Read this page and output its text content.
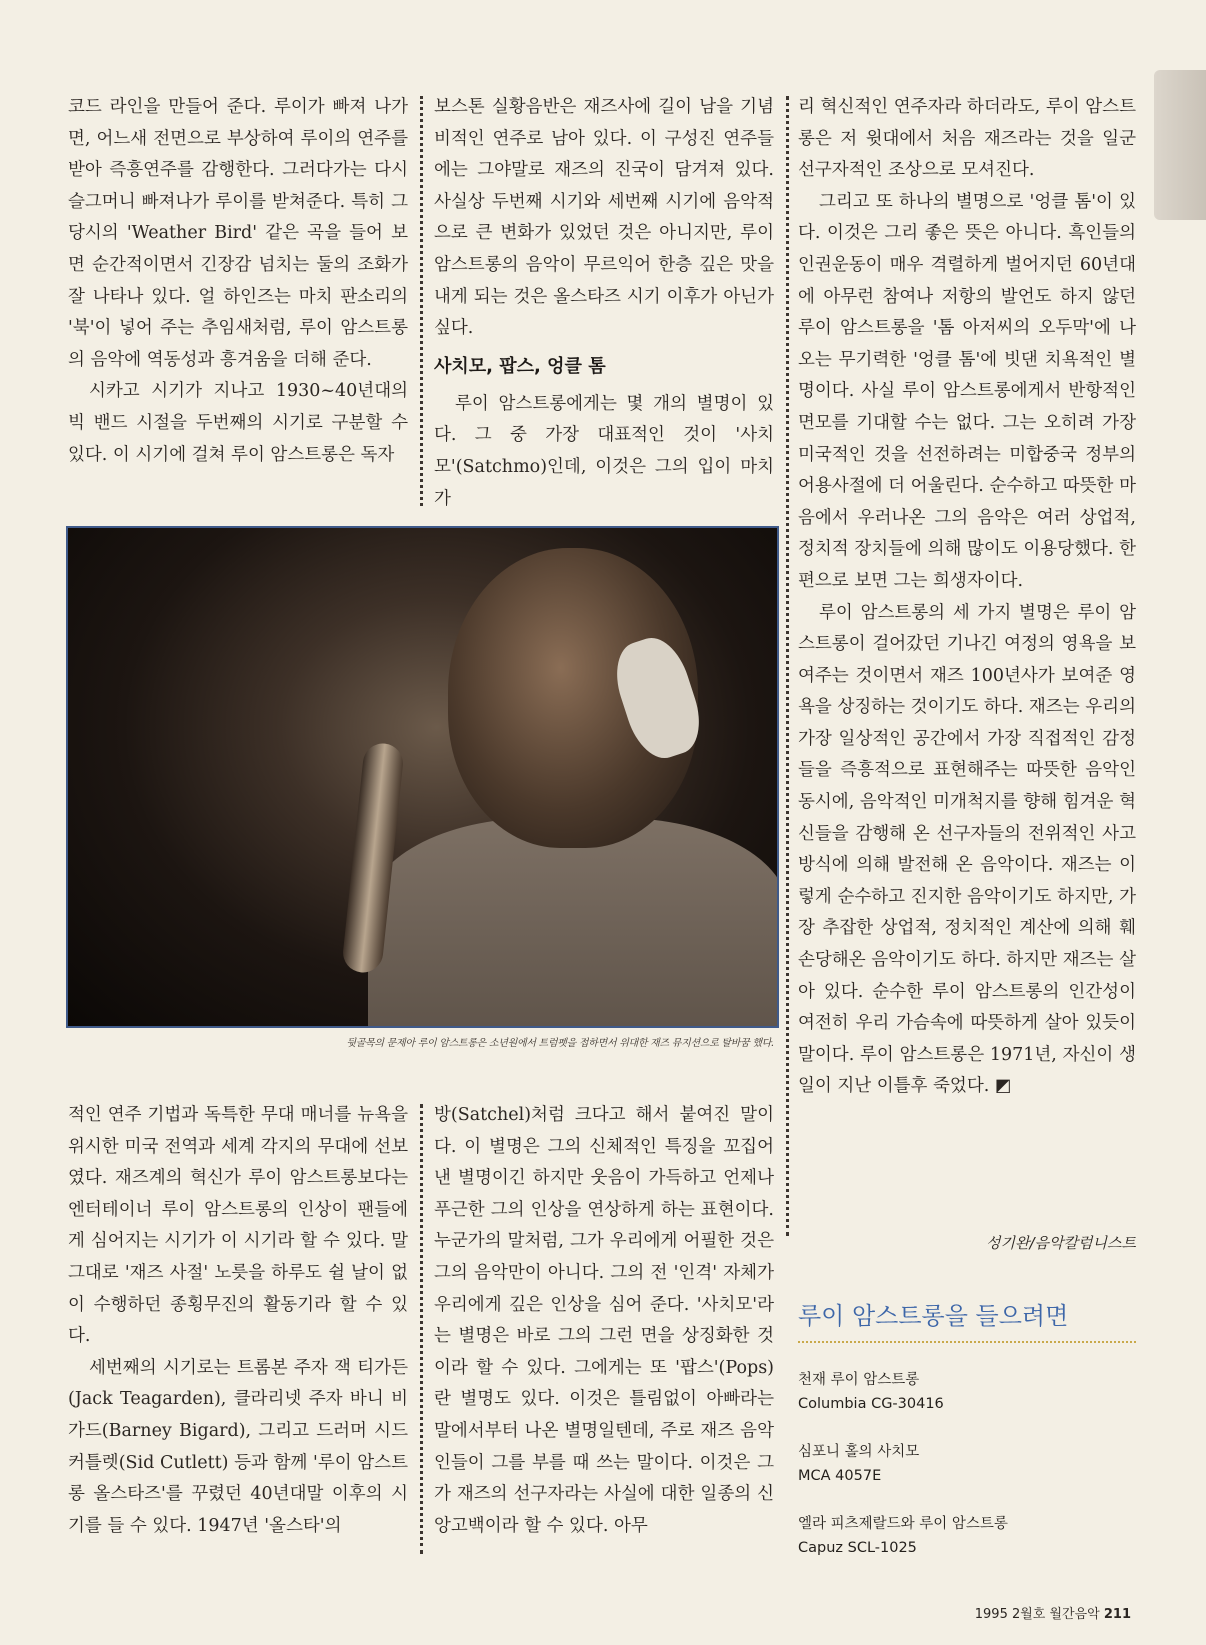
코드 라인을 만들어 준다. 루이가 빠져 나가면, 어느새 전면으로 부상하여 루이의 연주를 받아 즉흥연주를 감행한다. 그러다가는 다시 슬그머니 빠져나가 루이를 받쳐준다. 특히 그 당시의 'Weather Bird' 같은 곡을 들어 보면 순간적이면서 긴장감 넘치는 둘의 조화가 잘 나타나 있다. 얼 하인즈는 마치 판소리의 '북'이 넣어 주는 추임새처럼, 루이 암스트롱의 음악에 역동성과 흥겨움을 더해 준다.

시카고 시기가 지나고 1930~40년대의 빅 밴드 시절을 두번째의 시기로 구분할 수 있다. 이 시기에 걸쳐 루이 암스트롱은 독자

보스톤 실황음반은 재즈사에 길이 남을 기념비적인 연주로 남아 있다. 이 구성진 연주들에는 그야말로 재즈의 진국이 담겨져 있다. 사실상 두번째 시기와 세번째 시기에 음악적으로 큰 변화가 있었던 것은 아니지만, 루이 암스트롱의 음악이 무르익어 한층 깊은 맛을 내게 되는 것은 올스타즈 시기 이후가 아닌가 싶다.

사치모, 팝스, 엉클 톰

루이 암스트롱에게는 몇 개의 별명이 있다. 그 중 가장 대표적인 것이 '사치모'(Satchmo)인데, 이것은 그의 입이 마치 가

리 혁신적인 연주자라 하더라도, 루이 암스트롱은 저 윗대에서 처음 재즈라는 것을 일군 선구자적인 조상으로 모셔진다.

그리고 또 하나의 별명으로 '엉클 톰'이 있다. 이것은 그리 좋은 뜻은 아니다. 흑인들의 인권운동이 매우 격렬하게 벌어지던 60년대에 아무런 참여나 저항의 발언도 하지 않던 루이 암스트롱을 '톰 아저씨의 오두막'에 나오는 무기력한 '엉클 톰'에 빗댄 치욕적인 별명이다. 사실 루이 암스트롱에게서 반항적인 면모를 기대할 수는 없다. 그는 오히려 가장 미국적인 것을 선전하려는 미합중국 정부의 어용사절에 더 어울린다. 순수하고 따뜻한 마음에서 우러나온 그의 음악은 여러 상업적, 정치적 장치들에 의해 많이도 이용당했다. 한 편으로 보면 그는 희생자이다.

루이 암스트롱의 세 가지 별명은 루이 암스트롱이 걸어갔던 기나긴 여정의 영욕을 보여주는 것이면서 재즈 100년사가 보여준 영욕을 상징하는 것이기도 하다. 재즈는 우리의 가장 일상적인 공간에서 가장 직접적인 감정들을 즉흥적으로 표현해주는 따뜻한 음악인 동시에, 음악적인 미개척지를 향해 힘겨운 혁신들을 감행해 온 선구자들의 전위적인 사고방식에 의해 발전해 온 음악이다. 재즈는 이렇게 순수하고 진지한 음악이기도 하지만, 가장 추잡한 상업적, 정치적인 계산에 의해 훼손당해온 음악이기도 하다. 하지만 재즈는 살아 있다. 순수한 루이 암스트롱의 인간성이 여전히 우리 가슴속에 따뜻하게 살아 있듯이 말이다. 루이 암스트롱은 1971년, 자신이 생일이 지난 이틀후 죽었다. ◩

뒷골목의 문제아 루이 암스트롱은 소년원에서 트럼펫을 접하면서 위대한 재즈 뮤지션으로 탈바꿈 했다.

적인 연주 기법과 독특한 무대 매너를 뉴욕을 위시한 미국 전역과 세계 각지의 무대에 선보였다. 재즈계의 혁신가 루이 암스트롱보다는 엔터테이너 루이 암스트롱의 인상이 팬들에게 심어지는 시기가 이 시기라 할 수 있다. 말 그대로 '재즈 사절' 노릇을 하루도 쉴 날이 없이 수행하던 종횡무진의 활동기라 할 수 있다.

세번째의 시기로는 트롬본 주자 잭 티가든(Jack Teagarden), 클라리넷 주자 바니 비가드(Barney Bigard), 그리고 드러머 시드 커틀렛(Sid Cutlett) 등과 함께 '루이 암스트롱 올스타즈'를 꾸렸던 40년대말 이후의 시기를 들 수 있다. 1947년 '올스타'의

방(Satchel)처럼 크다고 해서 붙여진 말이다. 이 별명은 그의 신체적인 특징을 꼬집어낸 별명이긴 하지만 웃음이 가득하고 언제나 푸근한 그의 인상을 연상하게 하는 표현이다. 누군가의 말처럼, 그가 우리에게 어필한 것은 그의 음악만이 아니다. 그의 전 '인격' 자체가 우리에게 깊은 인상을 심어 준다. '사치모'라는 별명은 바로 그의 그런 면을 상징화한 것이라 할 수 있다. 그에게는 또 '팝스'(Pops)란 별명도 있다. 이것은 틀림없이 아빠라는 말에서부터 나온 별명일텐데, 주로 재즈 음악인들이 그를 부를 때 쓰는 말이다. 이것은 그가 재즈의 선구자라는 사실에 대한 일종의 신앙고백이라 할 수 있다. 아무

성기완/음악칼럼니스트
루이 암스트롱을 들으려면
천재 루이 암스트롱
Columbia CG-30416
심포니 홀의 사치모
MCA 4057E
엘라 피츠제랄드와 루이 암스트롱
Capuz SCL-1025
1995 2월호 월간음악 211
